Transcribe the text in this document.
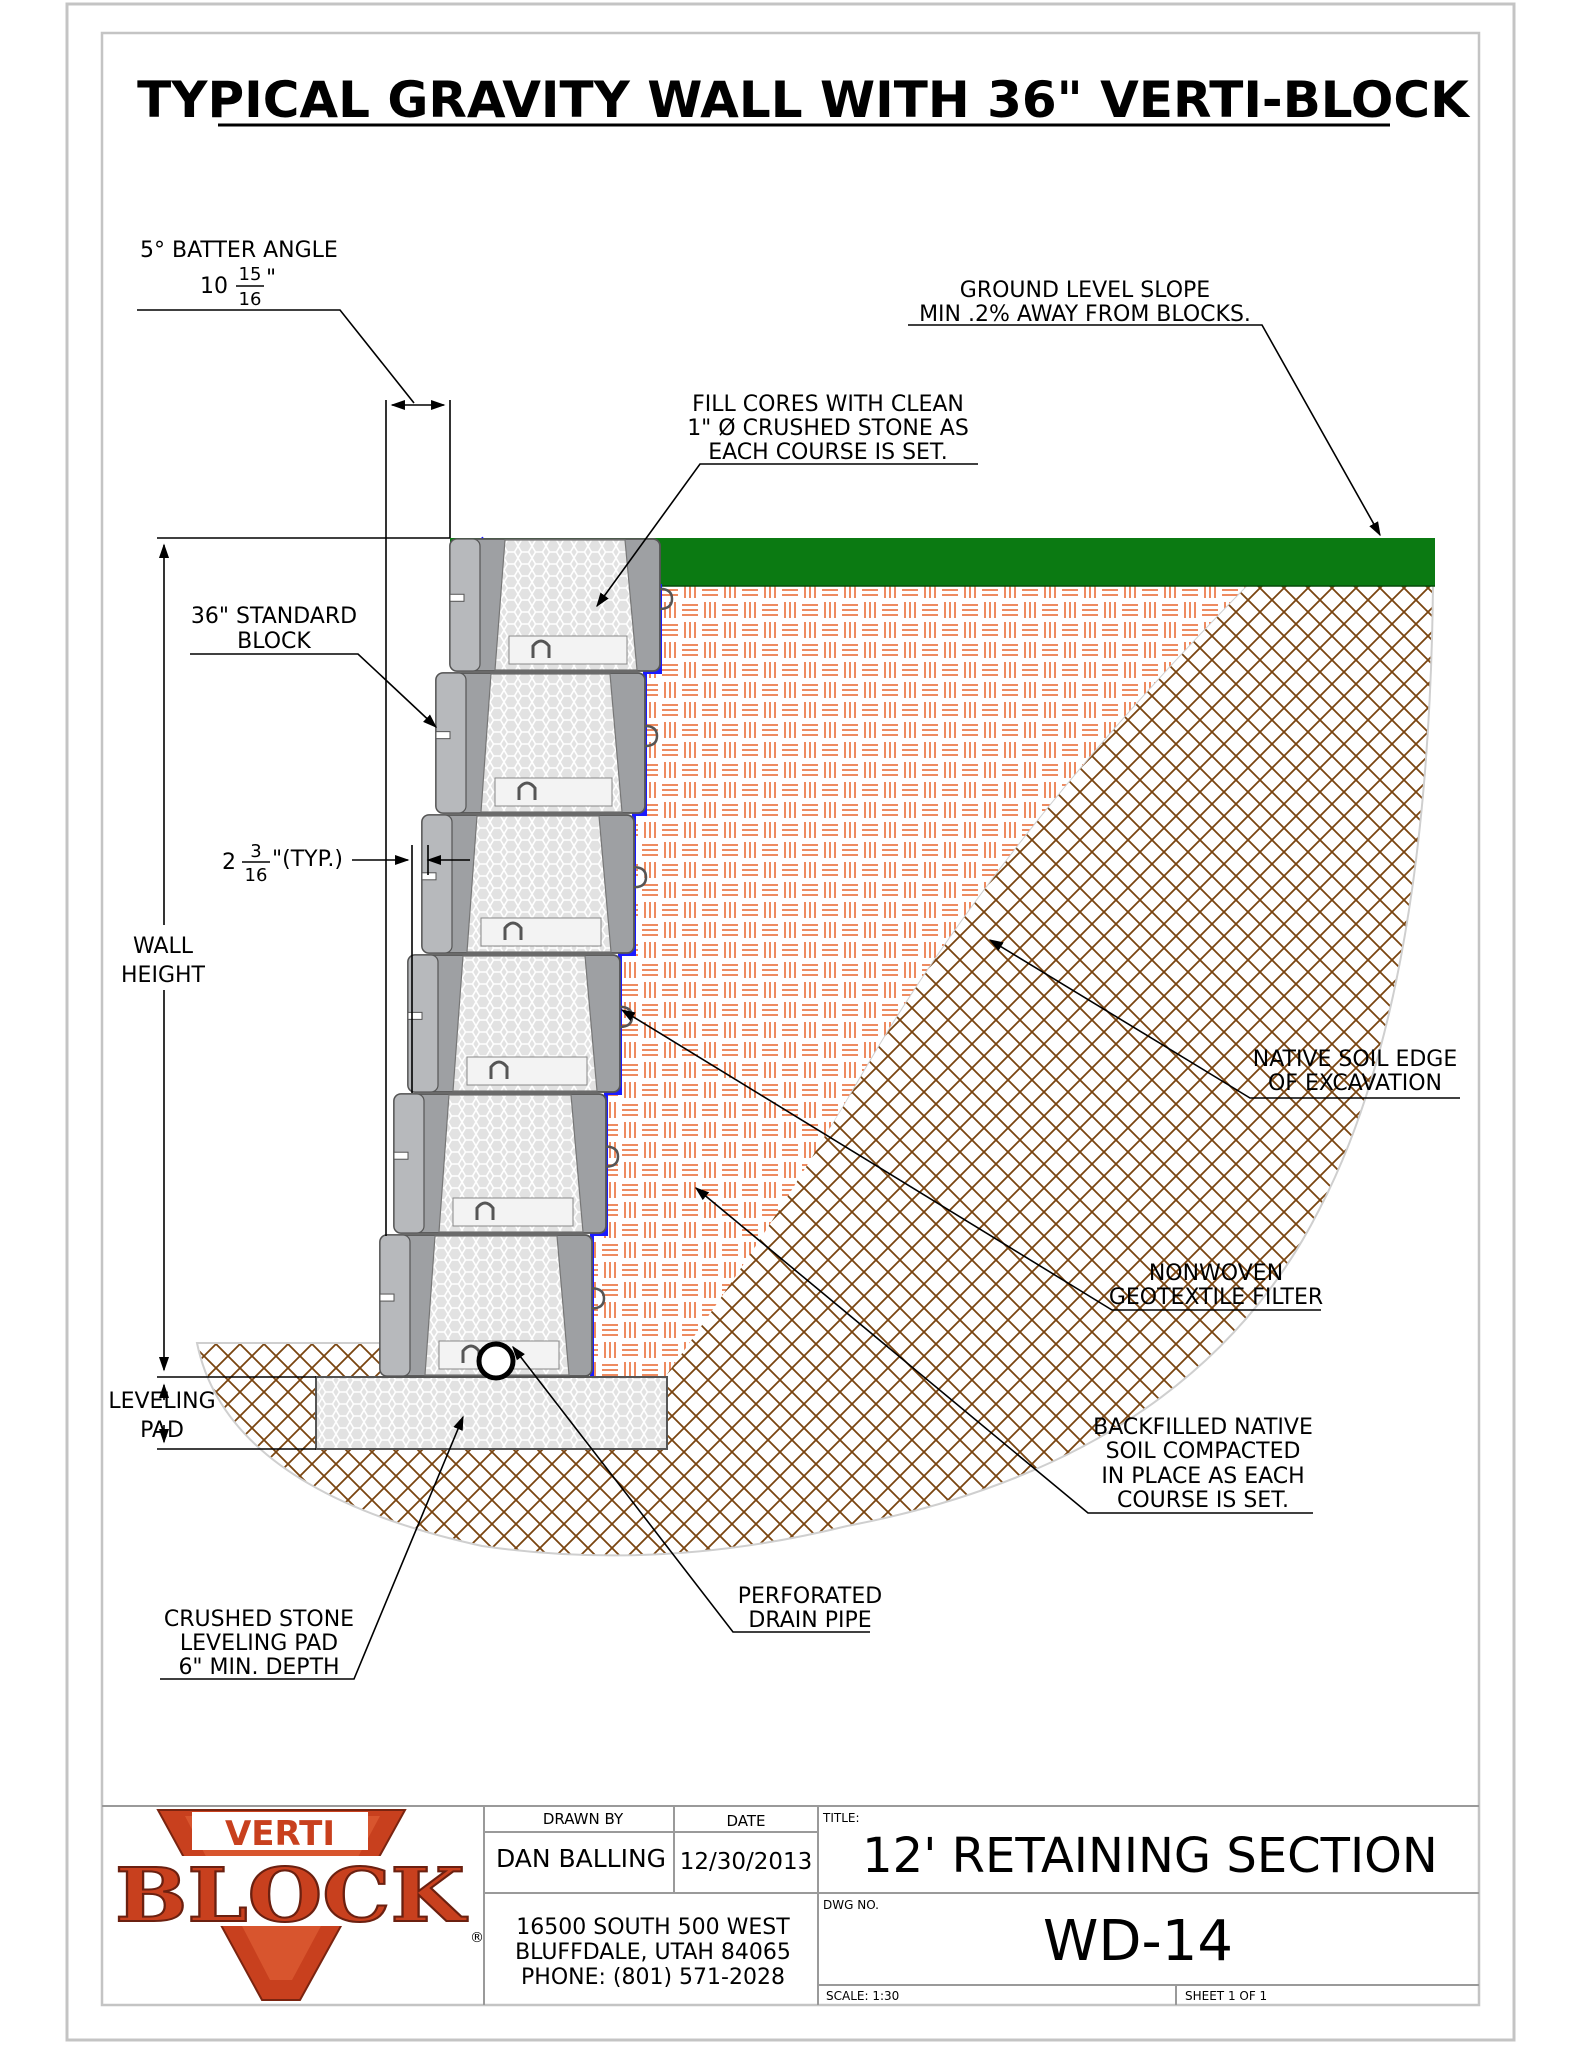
TYPICAL GRAVITY WALL WITH 36" VERTI-BLOCK
5° BATTER ANGLE
10 15
16
"	GROUND LEVEL SLOPE
MIN .2% AWAY FROM BLOCKS.
FILL CORES WITH CLEAN
1" Ø CRUSHED STONE AS
EACH COURSE IS SET.
36" STANDARD
BLOCK
2 3
16
"(TYP.)
WALL
HEIGHT
NATIVE SOIL EDGE
OF EXCAVATION
NONWOVEN
GEOTEXTILE FILTER
LEVELING
PAD	BACKFILLED NATIVE
SOIL COMPACTED
IN PLACE AS EACH
COURSE IS SET.
CRUSHED STONE
LEVELING PAD
6" MIN. DEPTH
PERFORATED
DRAIN PIPE
VERTI
BLOCK ®
DRAWN BY
DAN BALLING
DATE
12/30/2013
16500 SOUTH 500 WEST
BLUFFDALE, UTAH 84065
PHONE: (801) 571-2028
TITLE:
12' RETAINING SECTION
DWG NO.
WD-14
SCALE: 1:30	SHEET 1 OF 1
